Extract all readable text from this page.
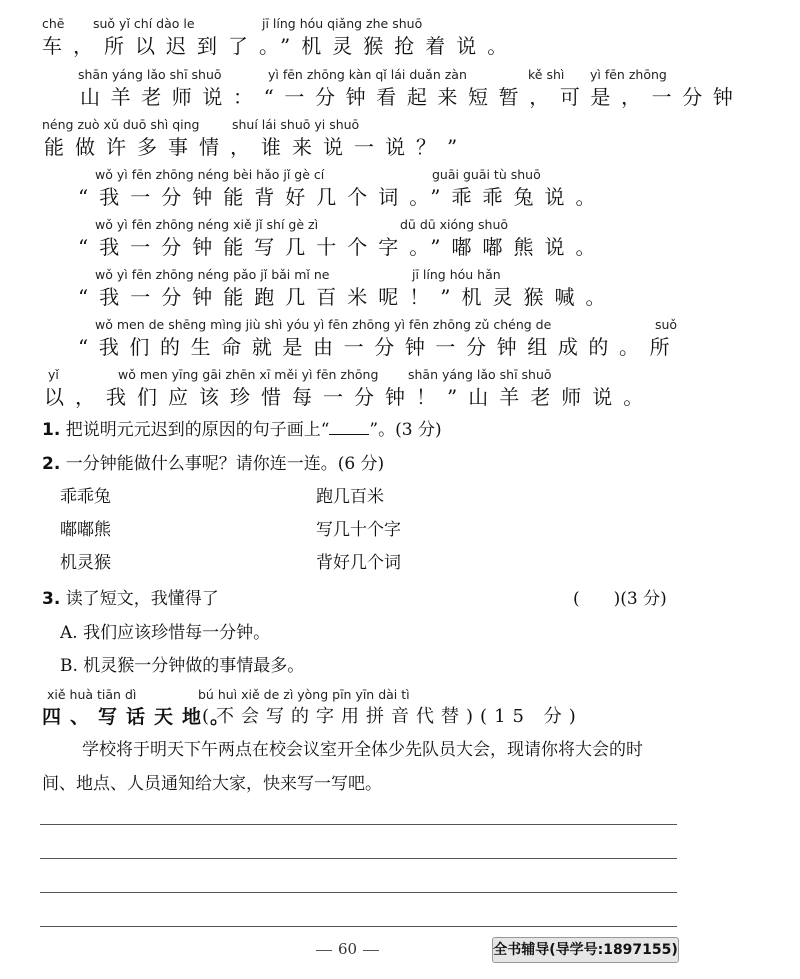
chē suǒ yǐ chí dào le	jī líng hóu qiǎng zhe shuō
车，所以迟到了。”机灵猴抢着说。
shān yáng lǎo shī shuō	yì fēn zhōng kàn qǐ lái duǎn zàn	kě shì yì fēn zhōng
山羊老师说：“一分钟看起来短暂，可是，一分钟
néng zuò xǔ duō shì qing	shuí lái shuō yi shuō
能做许多事情，谁来说一说？”
wǒ yì fēn zhōng néng bèi hǎo jǐ gè cí	guāi guāi tù shuō
“我一分钟能背好几个词。”乖乖兔说。
wǒ yì fēn zhōng néng xiě jǐ shí gè zì	dū dū xióng shuō
“我一分钟能写几十个字。”嘟嘟熊说。
wǒ yì fēn zhōng néng pǎo jǐ bǎi mǐ ne	jī líng hóu hǎn
“我一分钟能跑几百米呢！”机灵猴喊。
wǒ men de shēng mìng jiù shì yóu yì fēn zhōng yì fēn zhōng zǔ chéng de	suǒ
“我们的生命就是由一分钟一分钟组成的。所
yǐ	wǒ men yīng gāi zhēn xī měi yì fēn zhōng shān yáng lǎo shī shuō
以，我们应该珍惜每一分钟！”山羊老师说。
1. 把说明元元迟到的原因的句子画上“ ”。(3 分)
2. 一分钟能做什么事呢？请你连一连。(6 分)
乖乖兔
嘟嘟熊
机灵猴
跑几百米
写几十个字
背好几个词
3. 读了短文，我懂得了	(　　)(3 分)
A. 我们应该珍惜每一分钟。
B. 机灵猴一分钟做的事情最多。
xiě huà tiān dì	bú huì xiě de zì yòng pīn yīn dài tì
四、写话天地。
(不会写的字用拼音代替)(15 分)
学校将于明天下午两点在校会议室开全体少先队员大会，现请你将大会的时
间、地点、人员通知给大家，快来写一写吧。
60	全书辅导(导学号:1897155)
